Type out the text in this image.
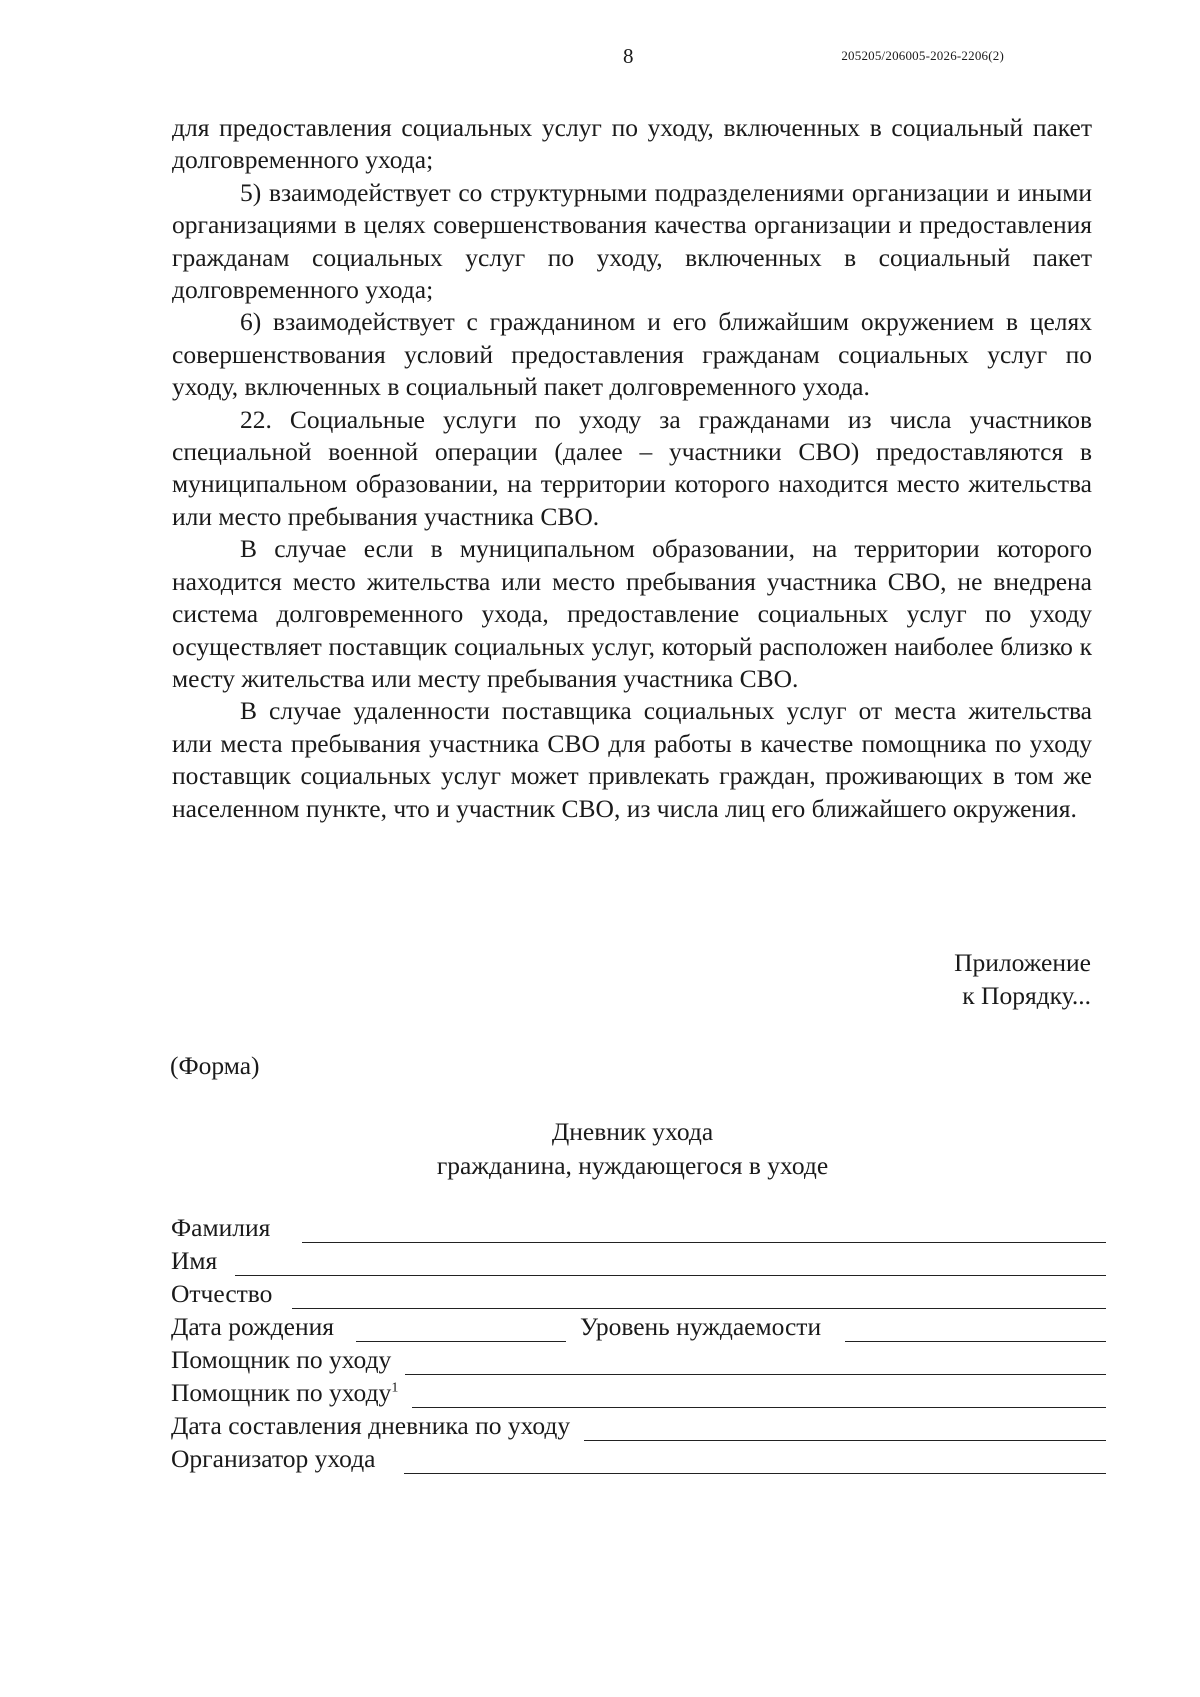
8	205205/206005-2026-2206(2)

для предоставления социальных услуг по уходу, включенных в социальный пакет долговременного ухода;

5) взаимодействует со структурными подразделениями организации и иными организациями в целях совершенствования качества организации и предоставления гражданам социальных услуг по уходу, включенных в социальный пакет долговременного ухода;

6) взаимодействует с гражданином и его ближайшим окружением в целях совершенствования условий предоставления гражданам социальных услуг по уходу, включенных в социальный пакет долговременного ухода.

22. Социальные услуги по уходу за гражданами из числа участников специальной военной операции (далее – участники СВО) предоставляются в муниципальном образовании, на территории которого находится место жительства или место пребывания участника СВО.

В случае если в муниципальном образовании, на территории которого находится место жительства или место пребывания участника СВО, не внедрена система долговременного ухода, предоставление социальных услуг по уходу осуществляет поставщик социальных услуг, который расположен наиболее близко к месту жительства или месту пребывания участника СВО.

В случае удаленности поставщика социальных услуг от места жительства или места пребывания участника СВО для работы в качестве помощника по уходу поставщик социальных услуг может привлекать граждан, проживающих в том же населенном пункте, что и участник СВО, из числа лиц его ближайшего окружения.

Приложение
к Порядку...
(Форма)
Дневник ухода
гражданина, нуждающегося в уходе
Фамилия
Имя
Отчество
Дата рождения	Уровень нуждаемости
Помощник по уходу
Помощник по уходу$^1$
Дата составления дневника по уходу
Организатор ухода
